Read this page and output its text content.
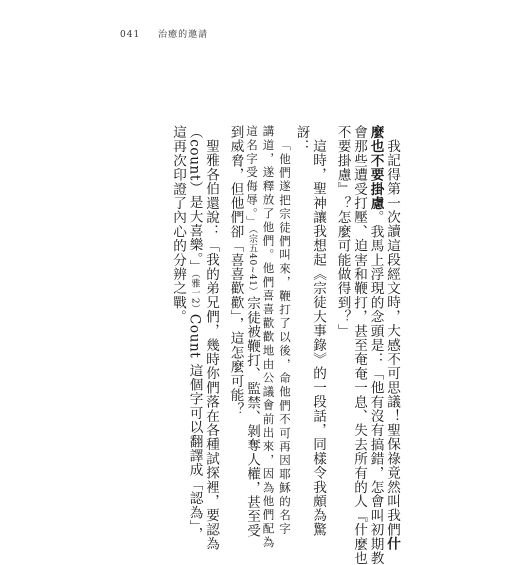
041 治癒的邀請
我記得第一次讀這段經文時，大感不可思議！聖保祿竟然叫我們什
麼也不要掛慮。我馬上浮現的念頭是：「他有沒有搞錯，怎會叫初期教
會那些遭受打壓、迫害和鞭打，甚至奄奄一息、失去所有的人『什麼也
不要掛慮』？怎麼可能做得到？」
這時，聖神讓我想起《宗徒大事錄》的一段話，同樣令我頗為驚
訝：
「他們遂把宗徒們叫來，鞭打了以後，命他們不可再因耶穌的名字
講道，遂釋放了他們。他們喜喜歡歡地由公議會前出來，因為他們配為
這名字受侮辱。」（宗五40∼41）宗徒被鞭打、監禁、剝奪人權，甚至受
到威脅，但他們卻「喜喜歡歡」，這怎麼可能？
聖雅各伯還說：「我的弟兄們，幾時你們落在各種試探裡，要認為
（count）是大喜樂。」（雅一2）Count 這個字可以翻譯成「認為」，
這再次印證了內心的分辨之戰。
